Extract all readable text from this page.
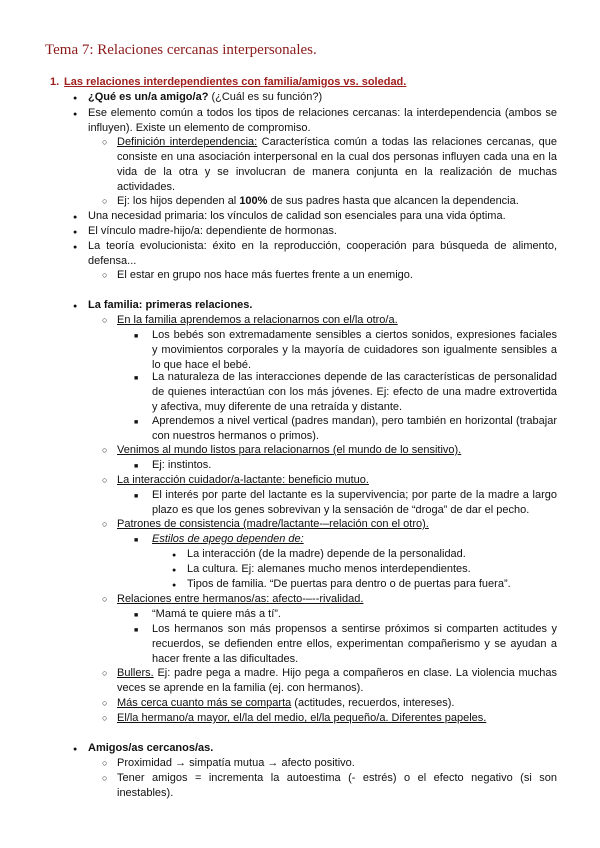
Tema 7: Relaciones cercanas interpersonales.
1. Las relaciones interdependientes con familia/amigos vs. soledad.
●
¿Qué es un/a amigo/a? (¿Cuál es su función?)
●
Ese elemento común a todos los tipos de relaciones cercanas: la interdependencia (ambos se influyen). Existe un elemento de compromiso.
○
Definición interdependencia: Característica común a todas las relaciones cercanas, que consiste en una asociación interpersonal en la cual dos personas influyen cada una en la vida de la otra y se involucran de manera conjunta en la realización de muchas actividades.
○
Ej: los hijos dependen al 100% de sus padres hasta que alcancen la dependencia.
●
Una necesidad primaria: los vínculos de calidad son esenciales para una vida óptima.
●
El vínculo madre-hijo/a: dependiente de hormonas.
●
La teoría evolucionista: éxito en la reproducción, cooperación para búsqueda de alimento, defensa...
○
El estar en grupo nos hace más fuertes frente a un enemigo.
●
La familia: primeras relaciones.
○
En la familia aprendemos a relacionarnos con el/la otro/a.
■
Los bebés son extremadamente sensibles a ciertos sonidos, expresiones faciales y movimientos corporales y la mayoría de cuidadores son igualmente sensibles a lo que hace el bebé.
■
La naturaleza de las interacciones depende de las características de personalidad de quienes interactúan con los más jóvenes. Ej: efecto de una madre extrovertida y afectiva, muy diferente de una retraída y distante.
■
Aprendemos a nivel vertical (padres mandan), pero también en horizontal (trabajar con nuestros hermanos o primos).
○
Venimos al mundo listos para relacionarnos (el mundo de lo sensitivo).
■
Ej: instintos.
○
La interacción cuidador/a-lactante: beneficio mutuo.
■
El interés por parte del lactante es la supervivencia; por parte de la madre a largo plazo es que los genes sobrevivan y la sensación de “droga” de dar el pecho.
○
Patrones de consistencia (madre/lactante-–relación con el otro).
■
Estilos de apego dependen de:
●
La interacción (de la madre) depende de la personalidad.
●
La cultura. Ej: alemanes mucho menos interdependientes.
●
Tipos de familia. “De puertas para dentro o de puertas para fuera”.
○
Relaciones entre hermanos/as: afecto-–--rivalidad.
■
“Mamá te quiere más a tí”.
■
Los hermanos son más propensos a sentirse próximos si comparten actitudes y recuerdos, se defienden entre ellos, experimentan compañerismo y se ayudan a hacer frente a las dificultades.
○
Bullers. Ej: padre pega a madre. Hijo pega a compañeros en clase. La violencia muchas veces se aprende en la familia (ej. con hermanos).
○
Más cerca cuanto más se comparta (actitudes, recuerdos, intereses).
○
El/la hermano/a mayor, el/la del medio, el/la pequeño/a. Diferentes papeles.
●
Amigos/as cercanos/as.
○
Proximidad → simpatía mutua → afecto positivo.
○
Tener amigos = incrementa la autoestima (- estrés) o el efecto negativo (si son inestables).
